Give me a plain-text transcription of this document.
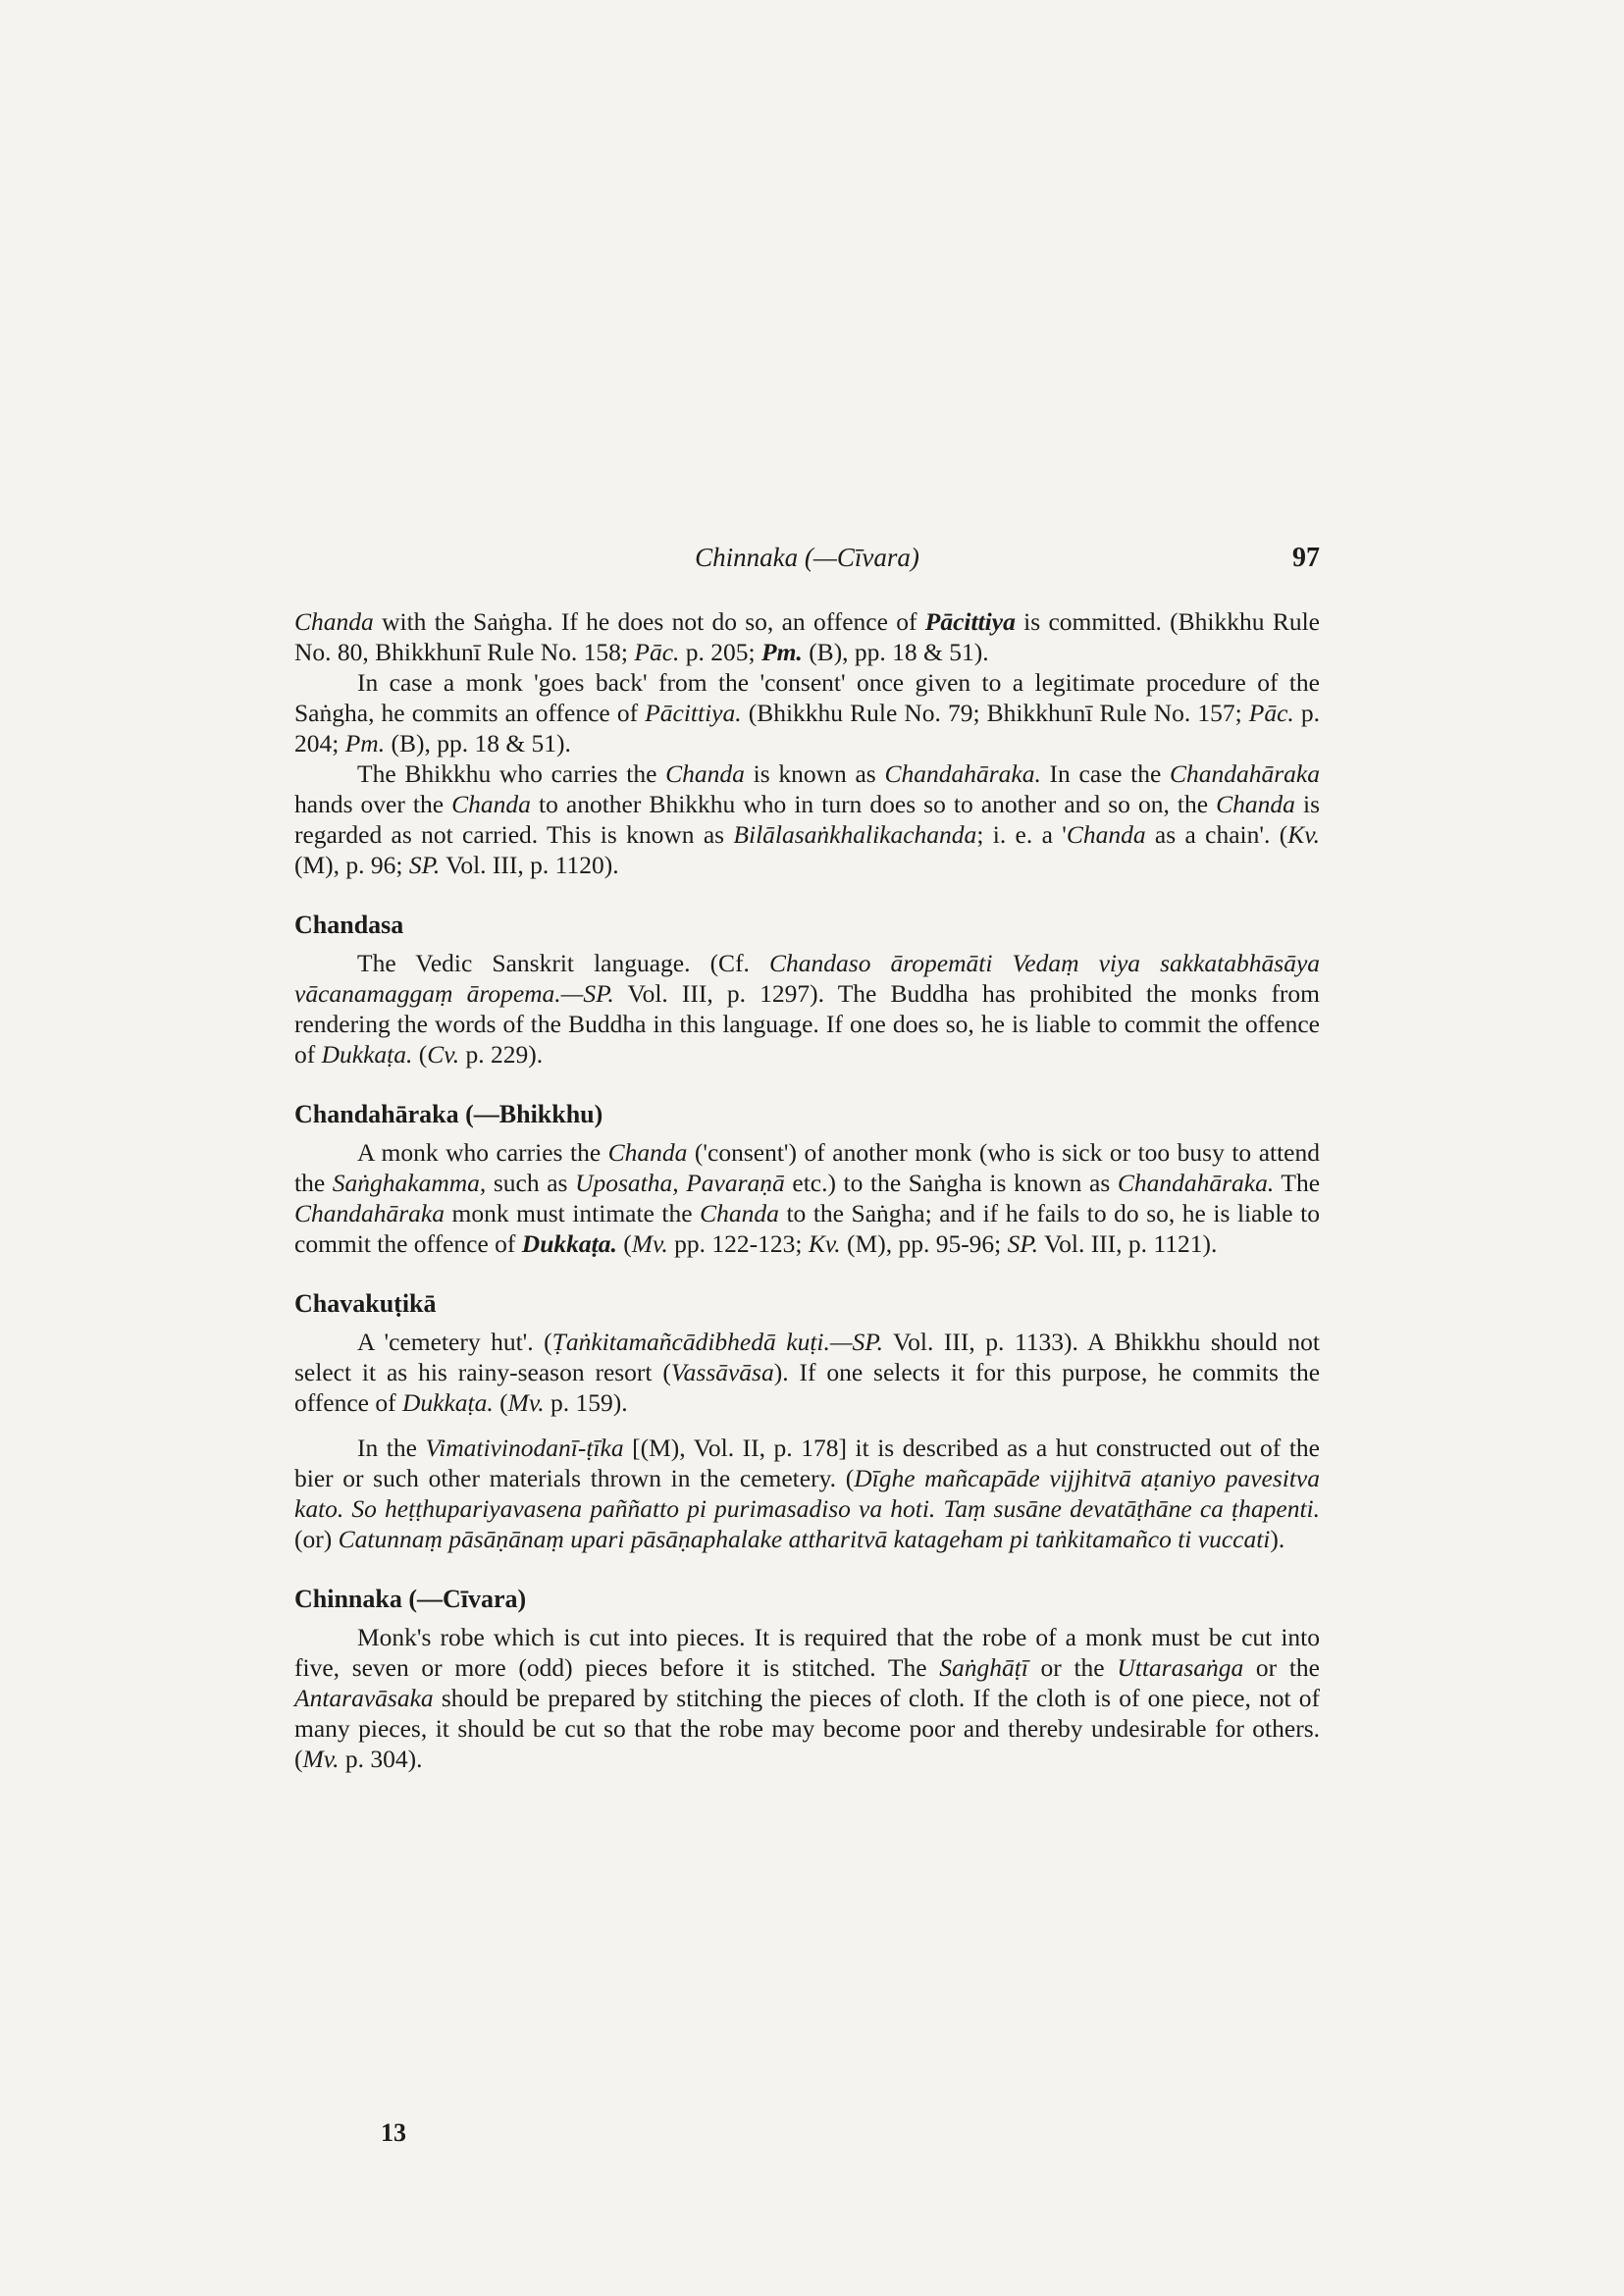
Chinnaka (—Cīvara)	97

Chanda with the Saṅgha. If he does not do so, an offence of Pācittiya is committed. (Bhikkhu Rule No. 80, Bhikkhunī Rule No. 158; Pāc. p. 205; Pm. (B), pp. 18 & 51).

In case a monk 'goes back' from the 'consent' once given to a legitimate procedure of the Saṅgha, he commits an offence of Pācittiya. (Bhikkhu Rule No. 79; Bhikkhunī Rule No. 157; Pāc. p. 204; Pm. (B), pp. 18 & 51).

The Bhikkhu who carries the Chanda is known as Chandahāraka. In case the Chandahāraka hands over the Chanda to another Bhikkhu who in turn does so to another and so on, the Chanda is regarded as not carried. This is known as Bilālasaṅkhalikachanda; i. e. a 'Chanda as a chain'. (Kv. (M), p. 96; SP. Vol. III, p. 1120).

Chandasa

The Vedic Sanskrit language. (Cf. Chandaso āropemāti Vedaṃ viya sakkatabhāsāya vācanamaggaṃ āropema.—SP. Vol. III, p. 1297). The Buddha has prohibited the monks from rendering the words of the Buddha in this language. If one does so, he is liable to commit the offence of Dukkaṭa. (Cv. p. 229).

Chandahāraka (—Bhikkhu)

A monk who carries the Chanda ('consent') of another monk (who is sick or too busy to attend the Saṅghakamma, such as Uposatha, Pavaraṇā etc.) to the Saṅgha is known as Chandahāraka. The Chandahāraka monk must intimate the Chanda to the Saṅgha; and if he fails to do so, he is liable to commit the offence of Dukkaṭa. (Mv. pp. 122-123; Kv. (M), pp. 95-96; SP. Vol. III, p. 1121).

Chavakuṭikā

A 'cemetery hut'. (Ṭaṅkitamañcādibhedā kuṭi.—SP. Vol. III, p. 1133). A Bhikkhu should not select it as his rainy-season resort (Vassāvāsa). If one selects it for this purpose, he commits the offence of Dukkaṭa. (Mv. p. 159).

In the Vimativinodanī-ṭīka [(M), Vol. II, p. 178] it is described as a hut constructed out of the bier or such other materials thrown in the cemetery. (Dīghe mañcapāde vijjhitvā aṭaniyo pavesitva kato. So heṭṭhupariyavasena paññatto pi purimasadiso va hoti. Taṃ susāne devatāṭhāne ca ṭhapenti. (or) Catunnaṃ pāsāṇānaṃ upari pāsāṇaphalake attharitvā katageham pi taṅkitamañco ti vuccati).

Chinnaka (—Cīvara)

Monk's robe which is cut into pieces. It is required that the robe of a monk must be cut into five, seven or more (odd) pieces before it is stitched. The Saṅghāṭī or the Uttarasaṅga or the Antaravāsaka should be prepared by stitching the pieces of cloth. If the cloth is of one piece, not of many pieces, it should be cut so that the robe may become poor and thereby undesirable for others. (Mv. p. 304).

13
